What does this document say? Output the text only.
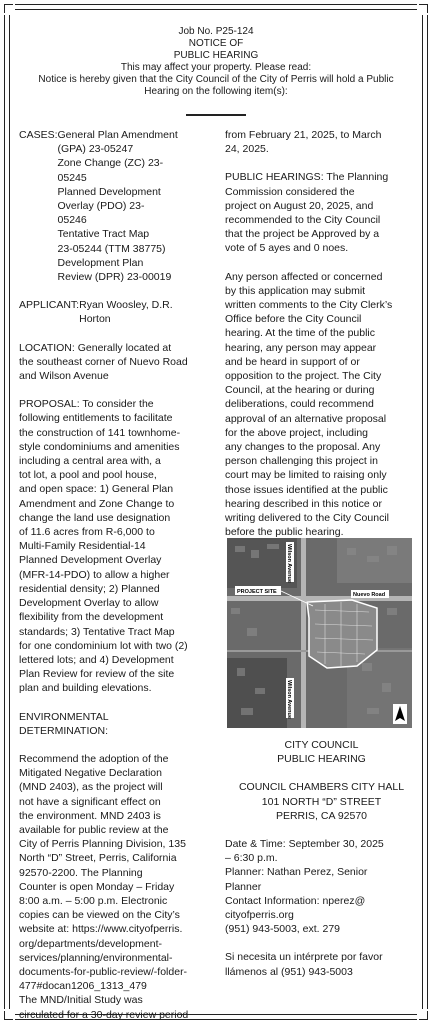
Job No. P25-124
NOTICE OF
PUBLIC HEARING
This may affect your property. Please read:
Notice is hereby given that the City Council of the City of Perris will hold a Public
Hearing on the following item(s):
CASES: General Plan Amendment
(GPA) 23-05247
Zone Change (ZC) 23-
05245
Planned Development
Overlay (PDO) 23-
05246
Tentative Tract Map
23-05244 (TTM 38775)
Development Plan
Review (DPR) 23-00019
APPLICANT: Ryan Woosley, D.R.
Horton

LOCATION: Generally located at
the southeast corner of Nuevo Road
and Wilson Avenue

PROPOSAL: To consider the
following entitlements to facilitate
the construction of 141 townhome-
style condominiums and amenities
including a central area with, a
tot lot, a pool and pool house,
and open space: 1) General Plan
Amendment and Zone Change to
change the land use designation
of 11.6 acres from R-6,000 to
Multi-Family Residential-14
Planned Development Overlay
(MFR-14-PDO) to allow a higher
residential density; 2) Planned
Development Overlay to allow
flexibility from the development
standards; 3) Tentative Tract Map
for one condominium lot with two (2)
lettered lots; and 4) Development
Plan Review for review of the site
plan and building elevations.

ENVIRONMENTAL
DETERMINATION:

Recommend the adoption of the
Mitigated Negative Declaration
(MND 2403), as the project will
not have a significant effect on
the environment. MND 2403 is
available for public review at the
City of Perris Planning Division, 135
North “D” Street, Perris, California
92570-2200. The Planning
Counter is open Monday – Friday
8:00 a.m. – 5:00 p.m. Electronic
copies can be viewed on the City’s
website at: https://www.cityofperris.
org/departments/development-
services/planning/environmental-
documents-for-public-review/-folder-
477#docan1206_1313_479
The MND/Initial Study was
circulated for a 30-day review period

from February 21, 2025, to March
24, 2025.

PUBLIC HEARINGS: The Planning
Commission considered the
project on August 20, 2025, and
recommended to the City Council
that the project be Approved by a
vote of 5 ayes and 0 noes.

Any person affected or concerned
by this application may submit
written comments to the City Clerk’s
Office before the City Council
hearing. At the time of the public
hearing, any person may appear
and be heard in support of or
opposition to the project. The City
Council, at the hearing or during
deliberations, could recommend
approval of an alternative proposal
for the above project, including
any changes to the proposal. Any
person challenging this project in
court may be limited to raising only
those issues identified at the public
hearing described in this notice or
writing delivered to the City Council
before the public hearing.

PROJECT SITE	Nuevo Road
Wilson Avenue
Wilson Avenue
CITY COUNCIL
PUBLIC HEARING
COUNCIL CHAMBERS CITY HALL
101 NORTH “D” STREET
PERRIS, CA 92570

Date & Time: September 30, 2025
– 6:30 p.m.
Planner: Nathan Perez, Senior
Planner
Contact Information: nperez@
cityofperris.org
(951) 943-5003, ext. 279

Si necesita un intérprete por favor
llámenos al (951) 943-5003
